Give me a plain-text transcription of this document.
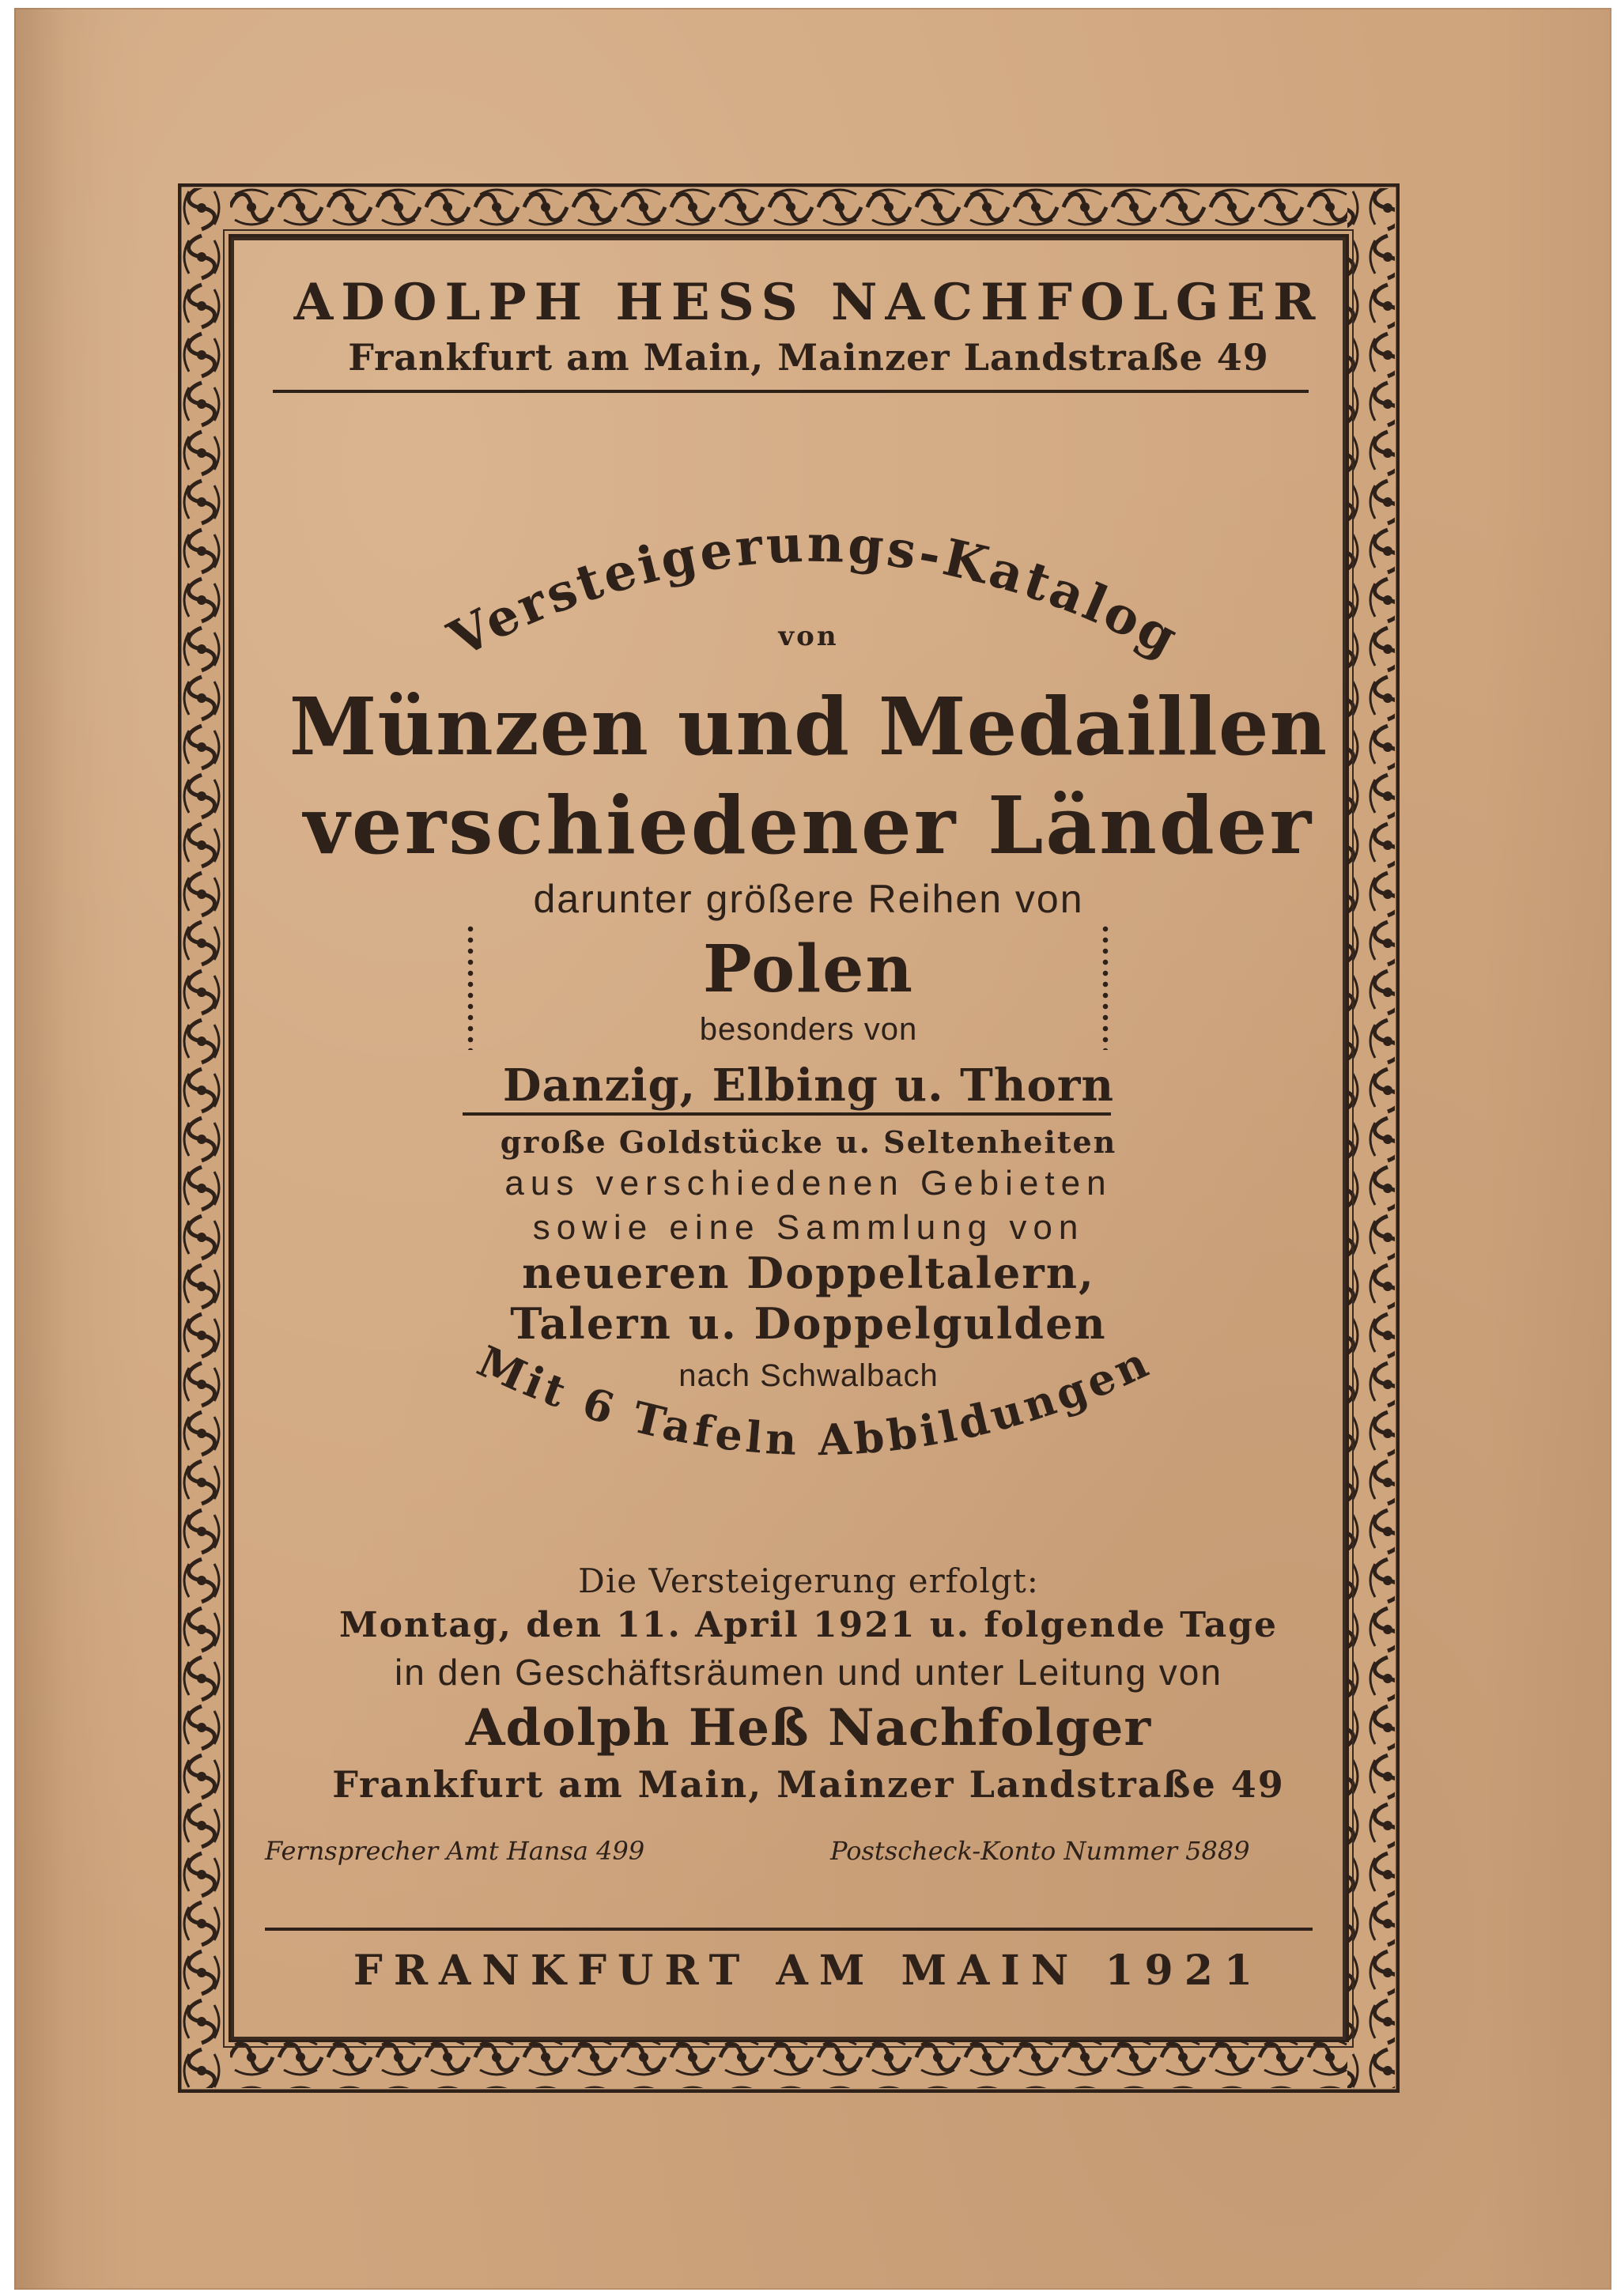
ADOLPH HESS NACHFOLGER

Frankfurt am Main, Mainzer Landstraße 49

Versteigerungs-Katalog

von

Münzen und Medaillen

verschiedener Länder

darunter größere Reihen von

Polen

besonders von

Danzig, Elbing u. Thorn

große Goldstücke u. Seltenheiten

aus verschiedenen Gebieten

sowie eine Sammlung von

neueren Doppeltalern,

Talern u. Doppelgulden

nach Schwalbach

Mit 6 Tafeln Abbildungen

Die Versteigerung erfolgt:

Montag, den 11. April 1921 u. folgende Tage

in den Geschäftsräumen und unter Leitung von

Adolph Heß Nachfolger

Frankfurt am Main, Mainzer Landstraße 49

Fernsprecher Amt Hansa 499	Postscheck-Konto Nummer 5889

FRANKFURT AM MAIN 1921
